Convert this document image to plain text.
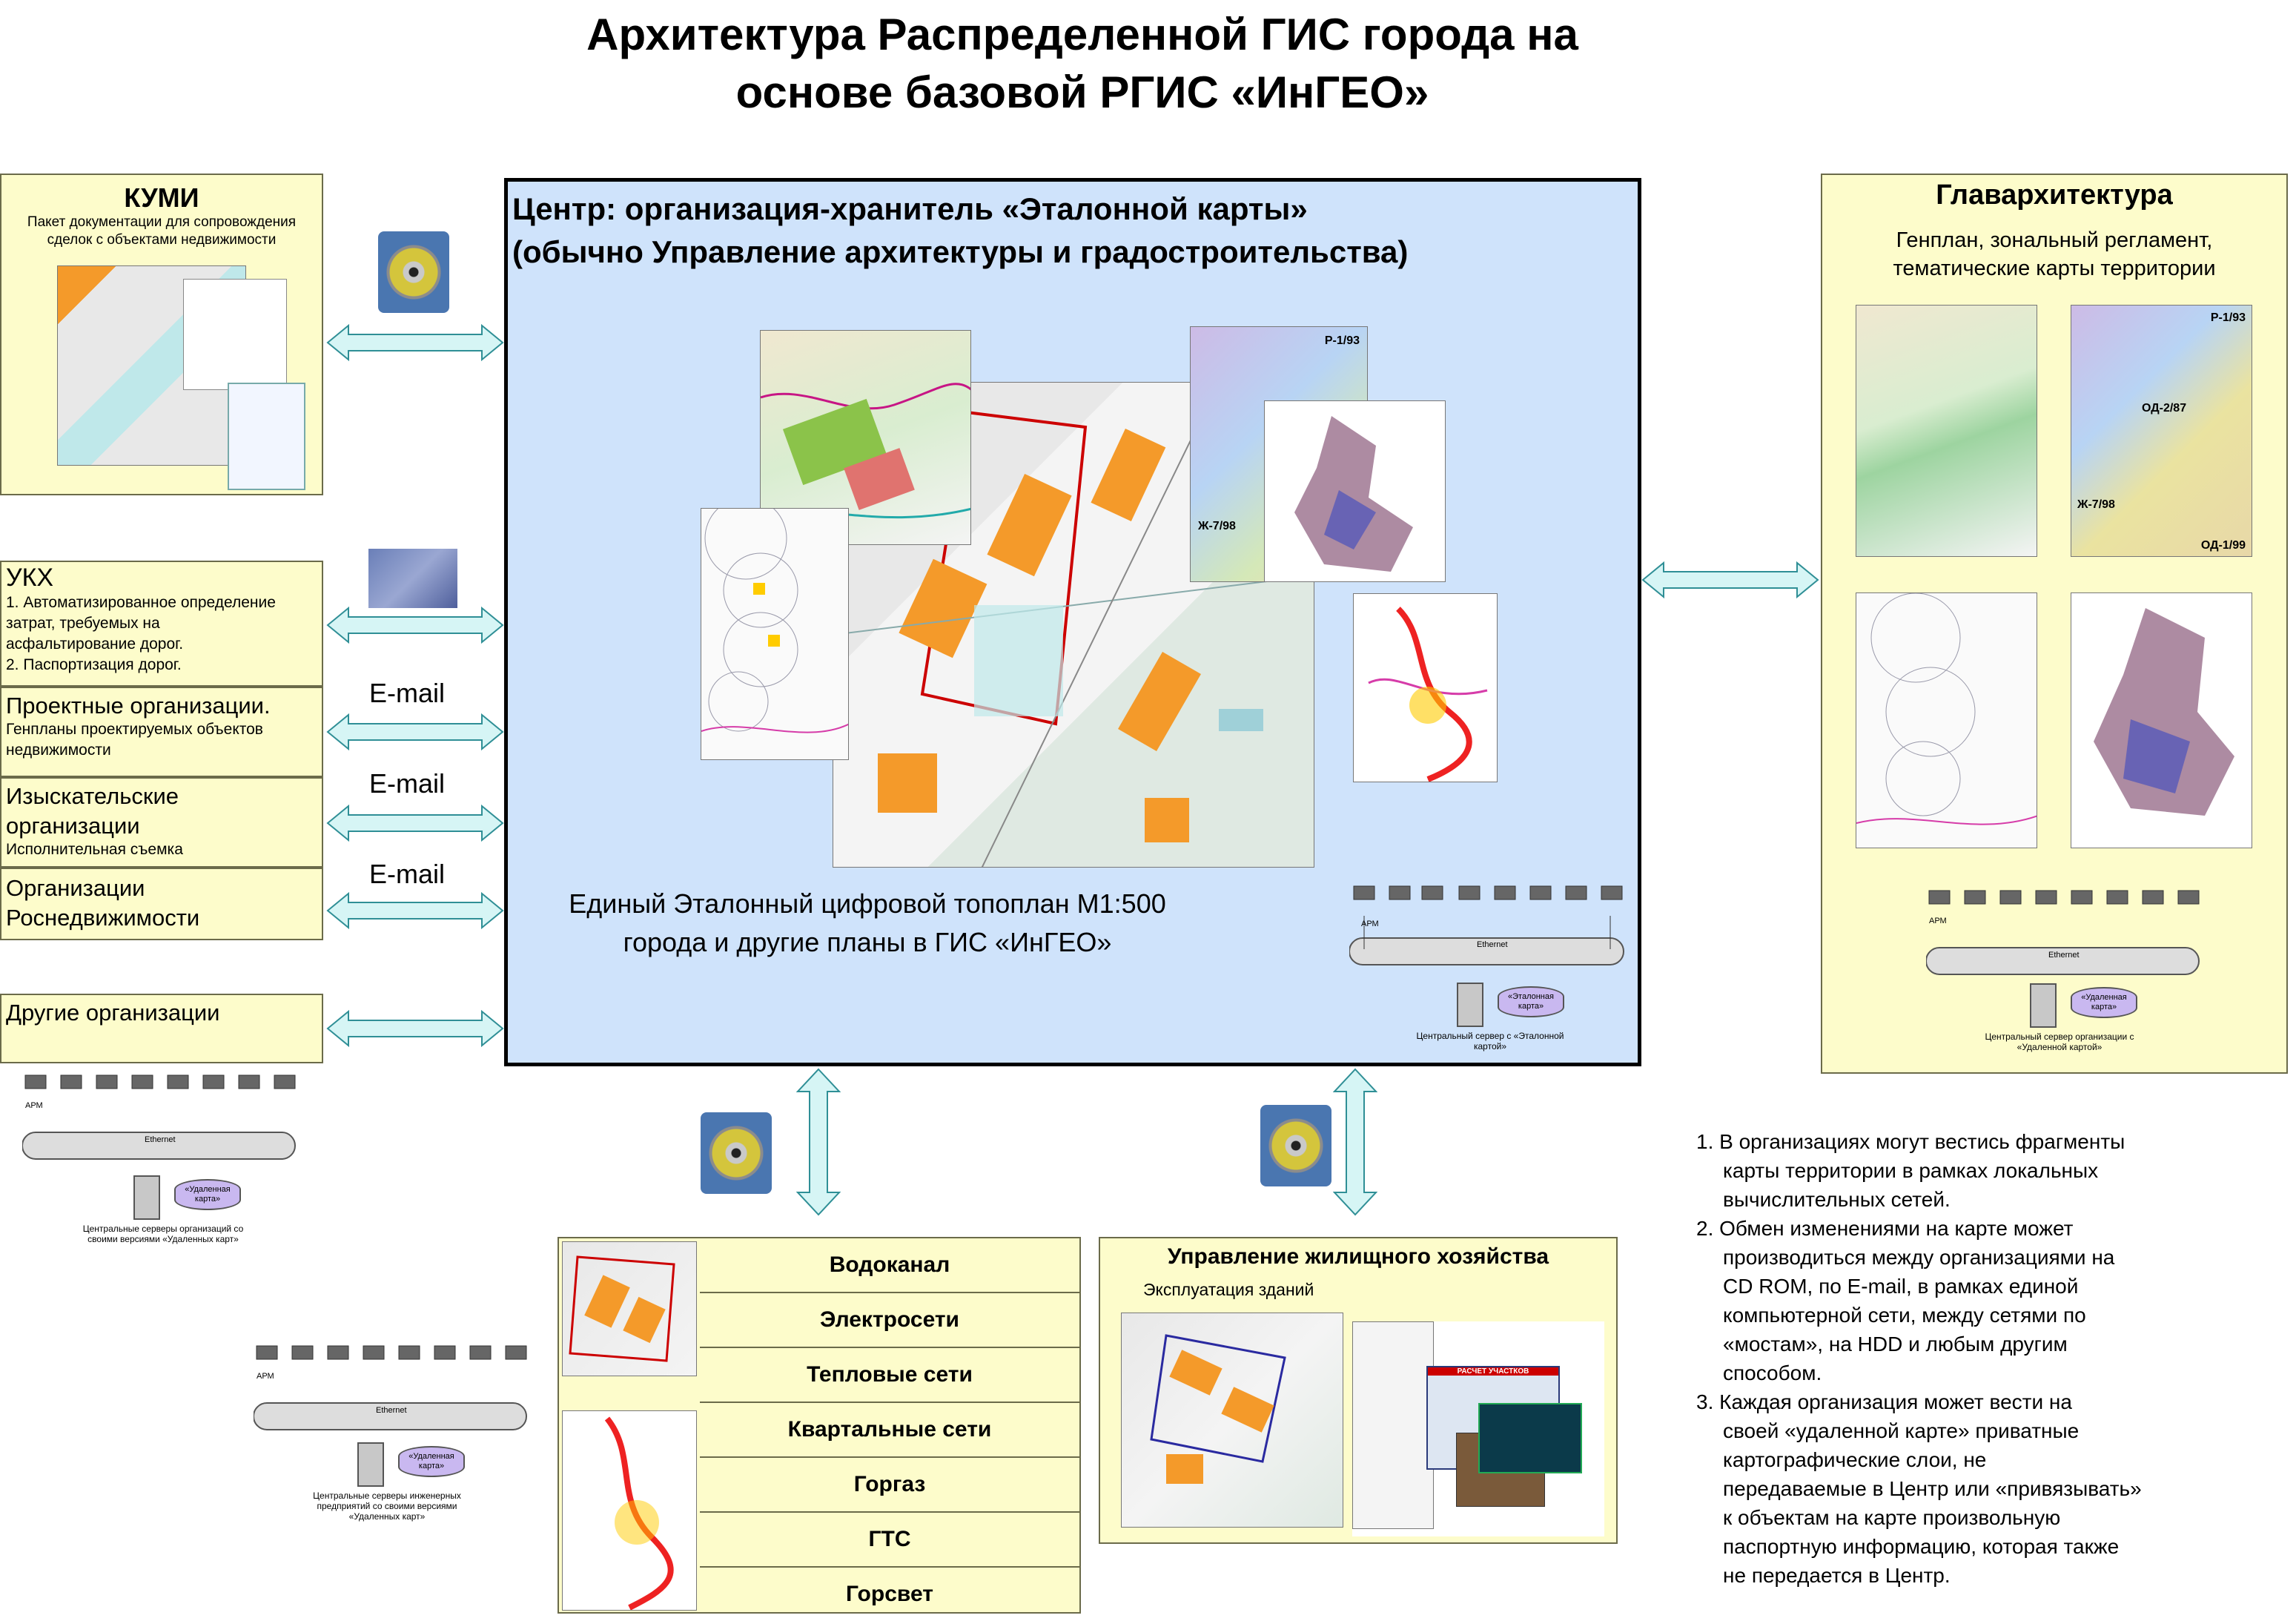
Архитектура Распределенной ГИС города на
основе базовой РГИС «ИнГЕО»
Центр: организация-хранитель «Эталонной карты»
(обычно Управление архитектуры и градостроительства)
Р-1/93
Ж-7/98
Единый Эталонный цифровой топоплан М1:500
города и другие планы в ГИС «ИнГЕО»
АРМ
Ethernet
«Эталонная
карта»
Центральный сервер с «Эталонной
картой»
КУМИ
Пакет документации для сопровождения
сделок с объектами недвижимости
УКХ
1. Автоматизированное определение
затрат, требуемых на
асфальтирование дорог.
2. Паспортизация дорог.
Проектные организации.
Генпланы проектируемых объектов
недвижимости
Изыскательские
организации
Исполнительная съемка
Организации
Роснедвижимости
Другие организации
E-mail
E-mail
E-mail
АРМ
Ethernet
«Удаленная
карта»
Центральные серверы организаций со
своими версиями «Удаленных карт»
Главархитектура
Генплан, зональный регламент,
тематические карты территории
Р-1/93
ОД-2/87
Ж-7/98
ОД-1/99
АРМ
Ethernet
«Удаленная
карта»
Центральный сервер организации с
«Удаленной картой»
АРМ
Ethernet
«Удаленная
карта»
Центральные серверы инженерных
предприятий со своими версиями
«Удаленных карт»
Водоканал
Электросети
Тепловые сети
Квартальные сети
Горгаз
ГТС
Горсвет
Управление жилищного хозяйства
Эксплуатация зданий
РАСЧЕТ УЧАСТКОВ
1. В организациях могут вестись фрагменты
карты территории в рамках локальных
вычислительных сетей.
2. Обмен изменениями на карте может
производиться между организациями на
CD ROM, по E-mail, в рамках единой
компьютерной сети, между сетями по
«мостам», на HDD и любым другим
способом.
3. Каждая организация может вести на
своей «удаленной карте» приватные
картографические слои, не
передаваемые в Центр или «привязывать»
к объектам на карте произвольную
паспортную информацию, которая также
не передается в Центр.
